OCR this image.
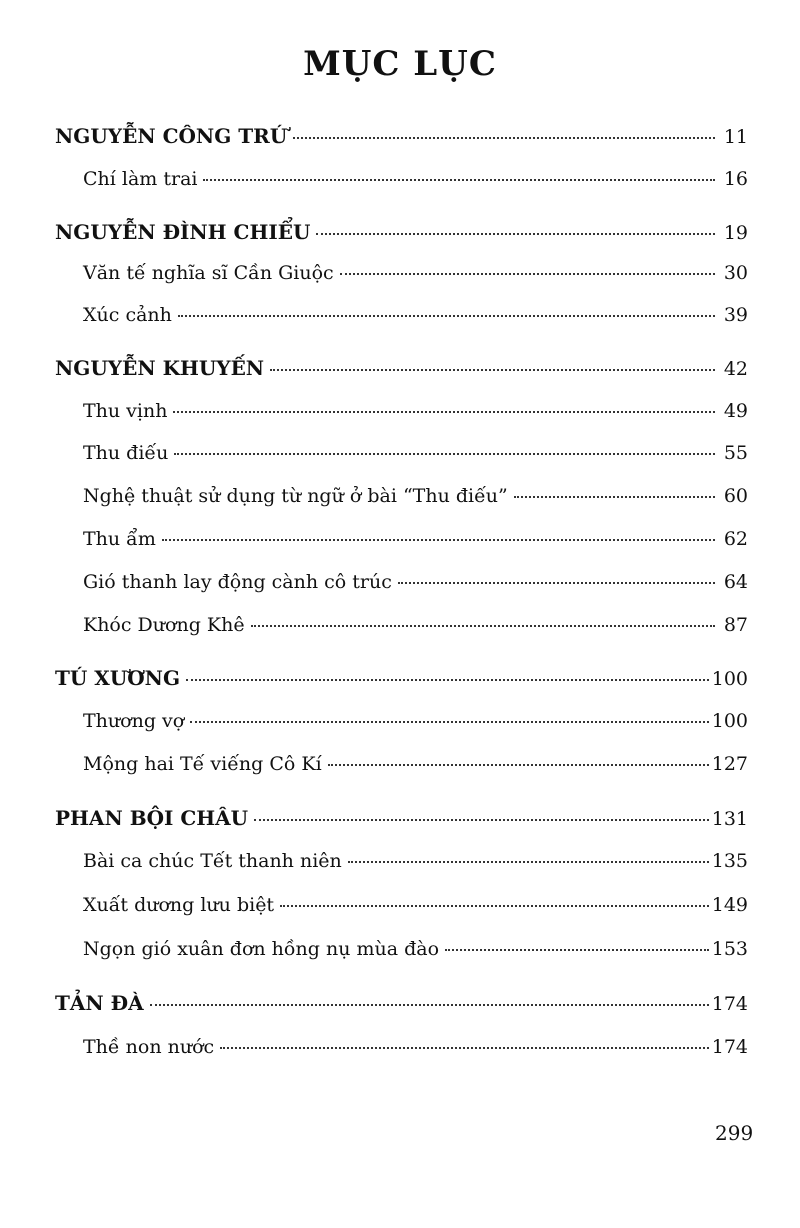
MỤC LỤC
NGUYỄN CÔNG TRỨ	11
Chí làm trai	16
NGUYỄN ĐÌNH CHIỂU	19
Văn tế nghĩa sĩ Cần Giuộc	30
Xúc cảnh	39
NGUYỄN KHUYẾN	42
Thu vịnh	49
Thu điếu	55
Nghệ thuật sử dụng từ ngữ ở bài “Thu điếu”	60
Thu ẩm	62
Gió thanh lay động cành cô trúc	64
Khóc Dương Khê	87
TÚ XƯƠNG	100
Thương vợ	100
Mộng hai Tế viếng Cô Kí	127
PHAN BỘI CHÂU	131
Bài ca chúc Tết thanh niên	135
Xuất dương lưu biệt	149
Ngọn gió xuân đơn hồng nụ mùa đào	153
TẢN ĐÀ	174
Thề non nước	174
299
